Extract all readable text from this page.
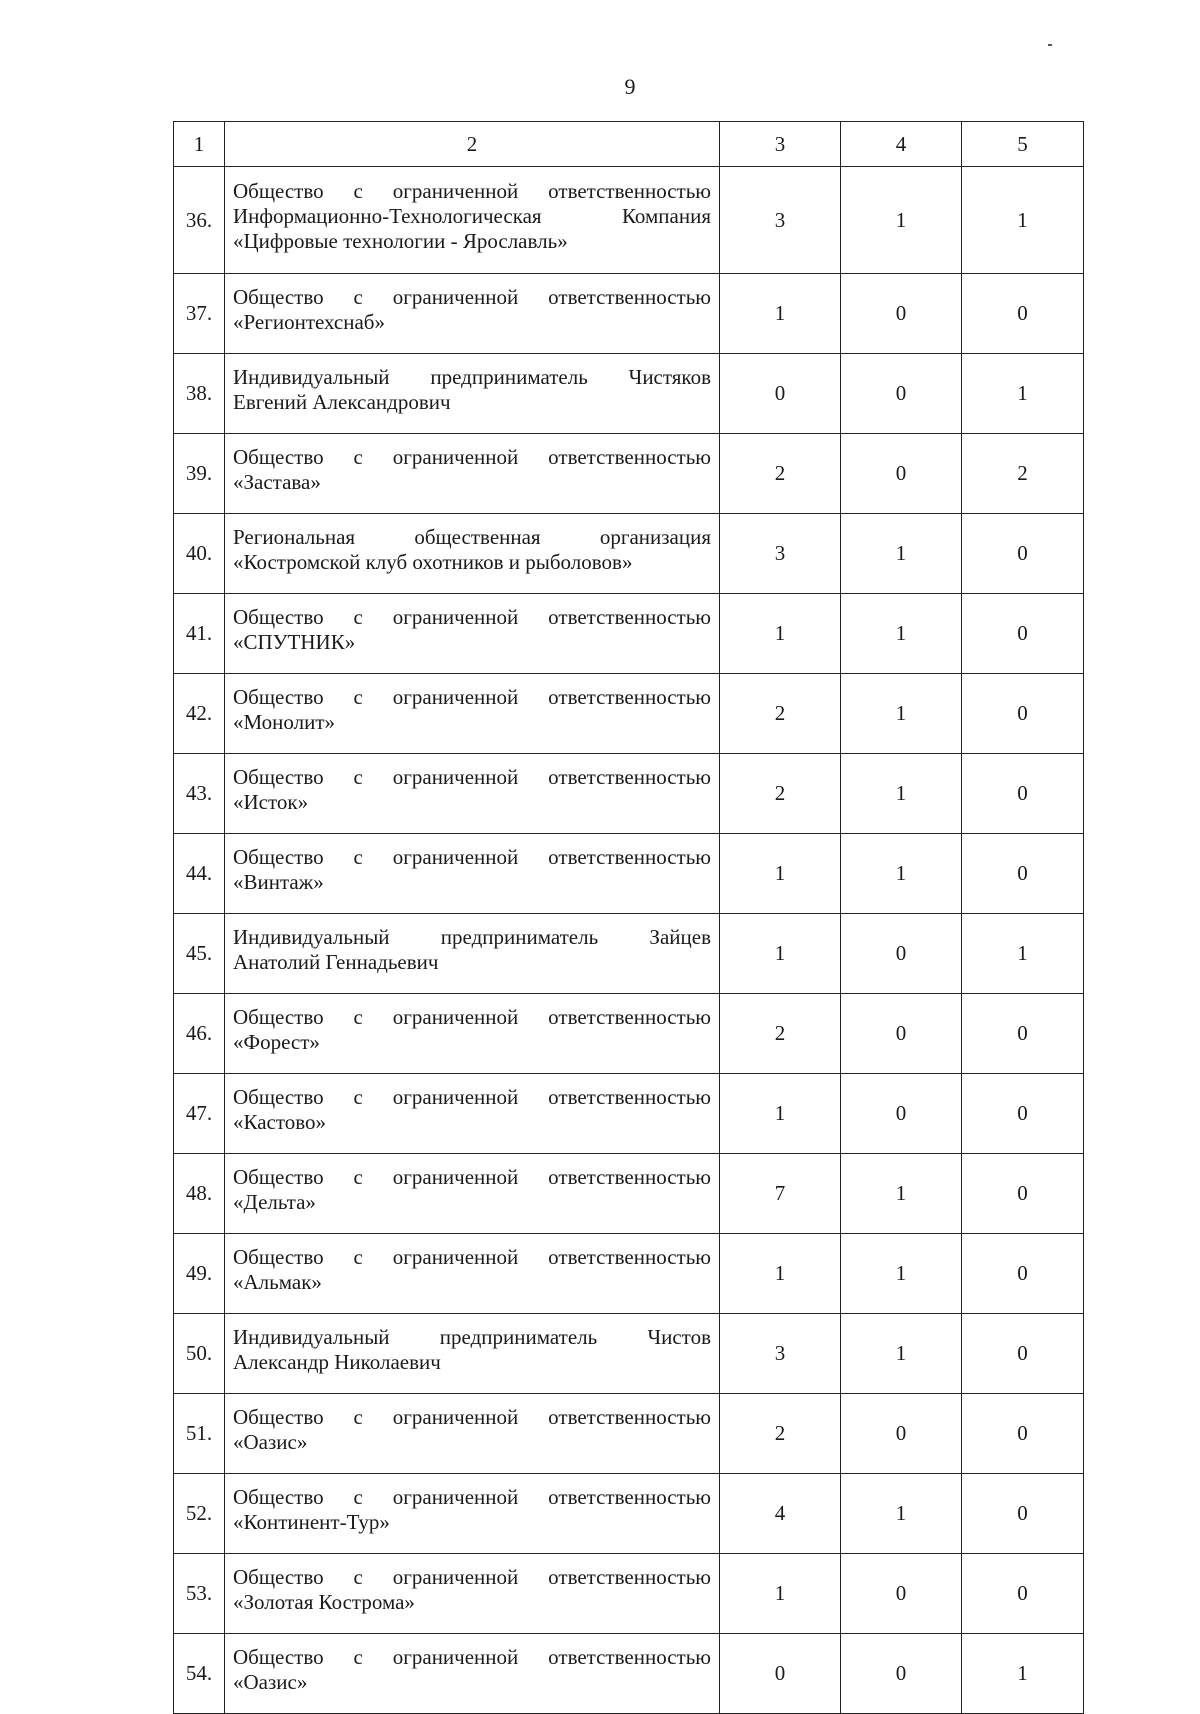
9
1	2	3	4	5
36.	Общество с ограниченной ответственностью
Информационно-Технологическая Компания
«Цифровые технологии - Ярославль»	3	1	1
37.	Общество с ограниченной ответственностью
«Регионтехснаб»	1	0	0
38.	Индивидуальный предприниматель Чистяков
Евгений Александрович	0	0	1
39.	Общество с ограниченной ответственностью
«Застава»	2	0	2
40.	Региональная общественная организация
«Костромской клуб охотников и рыболовов»	3	1	0
41.	Общество с ограниченной ответственностью
«СПУТНИК»	1	1	0
42.	Общество с ограниченной ответственностью
«Монолит»	2	1	0
43.	Общество с ограниченной ответственностью
«Исток»	2	1	0
44.	Общество с ограниченной ответственностью
«Винтаж»	1	1	0
45.	Индивидуальный предприниматель Зайцев
Анатолий Геннадьевич	1	0	1
46.	Общество с ограниченной ответственностью
«Форест»	2	0	0
47.	Общество с ограниченной ответственностью
«Кастово»	1	0	0
48.	Общество с ограниченной ответственностью
«Дельта»	7	1	0
49.	Общество с ограниченной ответственностью
«Альмак»	1	1	0
50.	Индивидуальный предприниматель Чистов
Александр Николаевич	3	1	0
51.	Общество с ограниченной ответственностью
«Оазис»	2	0	0
52.	Общество с ограниченной ответственностью
«Континент-Тур»	4	1	0
53.	Общество с ограниченной ответственностью
«Золотая Кострома»	1	0	0
54.	Общество с ограниченной ответственностью
«Оазис»	0	0	1
